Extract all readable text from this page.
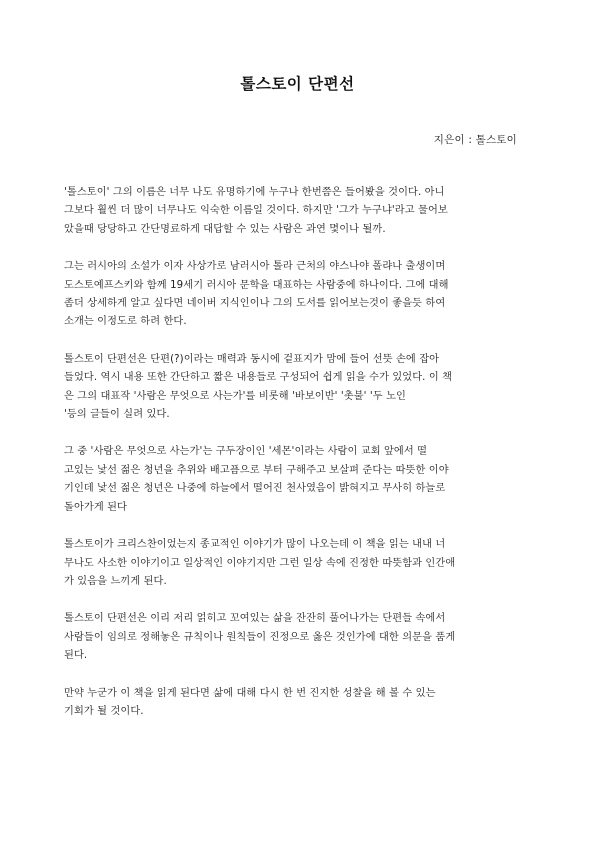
톨스토이 단편선
지은이 : 톨스토이

'톨스토이' 그의 이름은 너무 나도 유명하기에 누구나 한번쯤은 들어봤을 것이다. 아니
그보다 훨씬 더 많이 너무나도 익숙한 이름일 것이다. 하지만 '그가 누구냐'라고 물어보
았을때 당당하고 간단명료하게 대답할 수 있는 사람은 과연 몇이나 될까.

그는 러시아의 소설가 이자 사상가로 남러시아 톨라 근처의 야스나야 폴랴나 출생이며
도스토예프스키와 함께 19세기 러시아 문학을 대표하는 사람중에 하나이다. 그에 대해
좀더 상세하게 알고 싶다면 네이버 지식인이나 그의 도서를 읽어보는것이 좋을듯 하여
소개는 이정도로 하려 한다.

톨스토이 단편선은 단편(?)이라는 매력과 동시에 겉표지가 맘에 들어 선뜻 손에 잡아
들었다. 역시 내용 또한 간단하고 짧은 내용들로 구성되어 쉽게 읽을 수가 있었다. 이 책
은 그의 대표작 '사람은 무엇으로 사는가'를 비롯해 '바보이반' '촛불' '두 노인
'등의 글들이 실려 있다.

그 중 '사람은 무엇으로 사는가'는 구두장이인 '세몬'이라는 사람이 교회 앞에서 떨
고있는 낯선 젊은 청년을 추위와 배고픔으로 부터 구해주고 보살펴 준다는 따뜻한 이야
기인데 낯선 젊은 청년은 나중에 하늘에서 떨어진 천사였음이 밝혀지고 무사히 하늘로
돌아가게 된다

톨스토이가 크리스찬이었는지 종교적인 이야기가 많이 나오는데 이 책을 읽는 내내 너
무나도 사소한 이야기이고 일상적인 이야기지만 그런 일상 속에 진정한 따뜻함과 인간애
가 있음을 느끼게 된다.

톨스토이 단편선은 이리 저리 얽히고 꼬여있는 삶을 잔잔히 풀어나가는 단편들 속에서
사람들이 임의로 정해놓은 규칙이나 원칙들이 진정으로 옳은 것인가에 대한 의문을 품게
된다.

만약 누군가 이 책을 읽게 된다면 삶에 대해 다시 한 번 진지한 성찰을 해 볼 수 있는
기회가 될 것이다.
